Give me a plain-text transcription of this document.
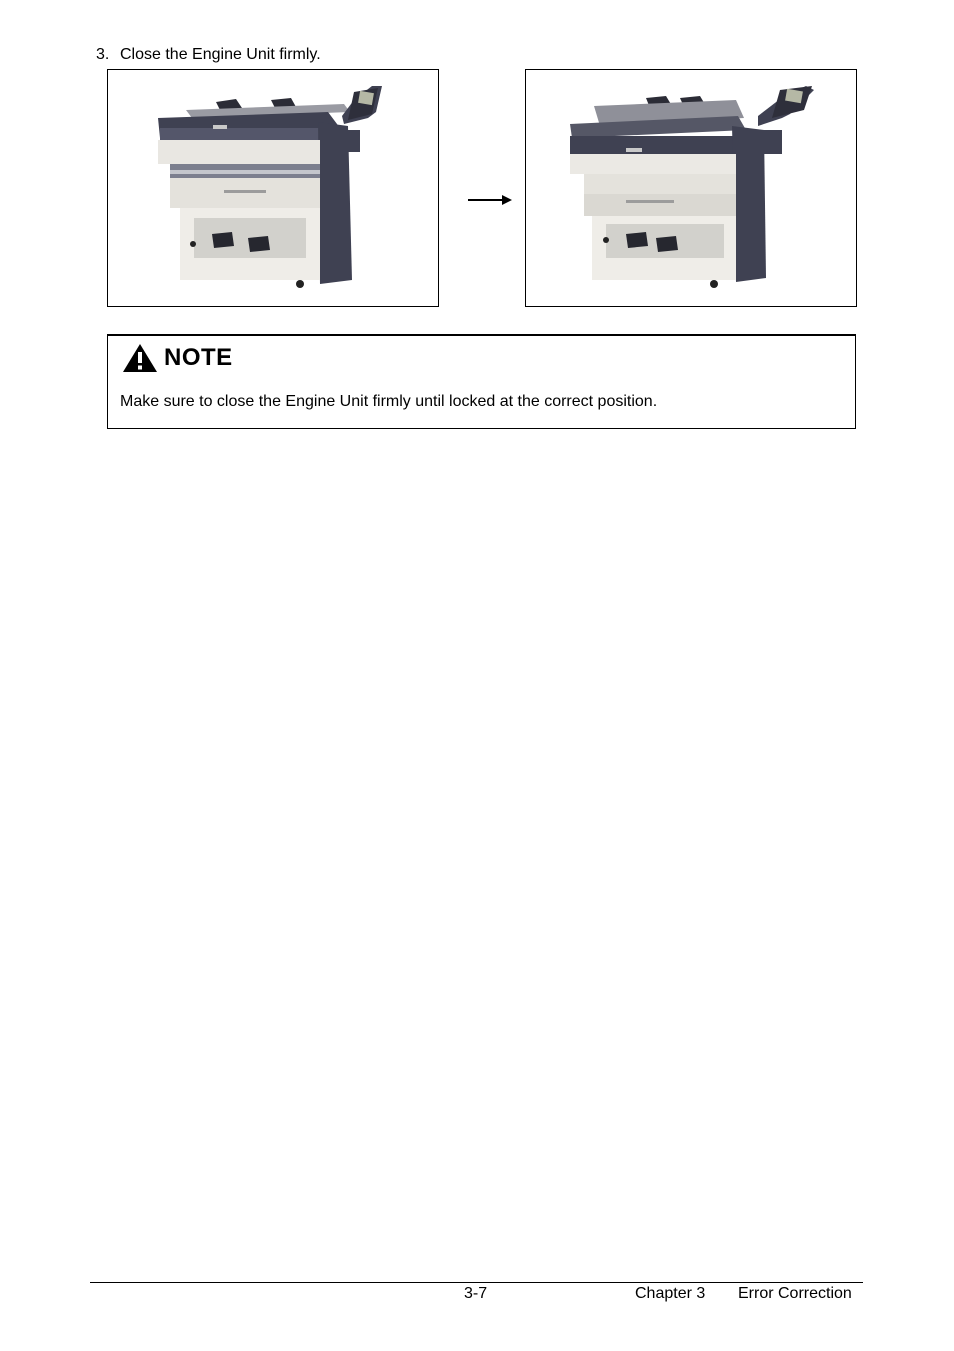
3. Close the Engine Unit firmly.
NOTE
Make sure to close the Engine Unit firmly until locked at the correct position.
3-7	Chapter 3 Error Correction
